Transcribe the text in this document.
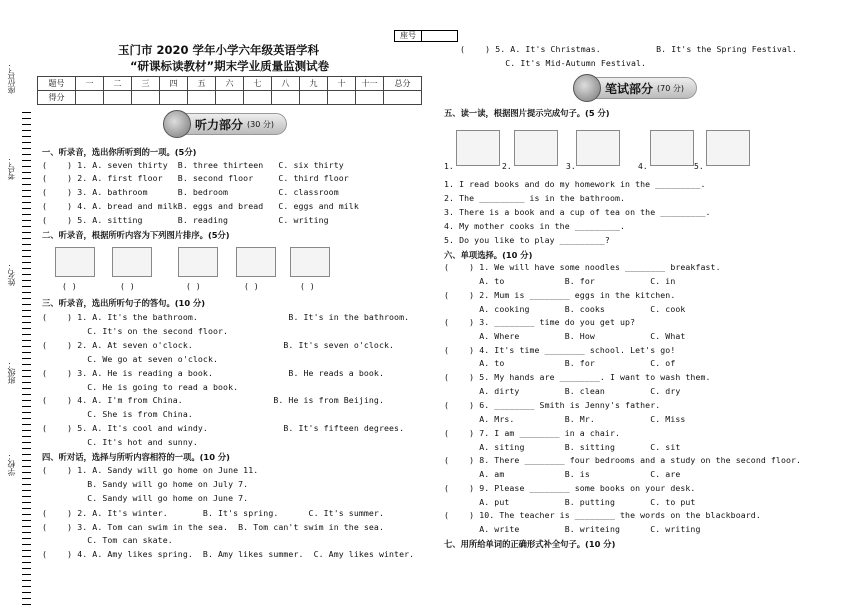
座位号：
考号：
姓名：
班级：
学校：
座号
玉门市 2020 学年小学六年级英语学科
“研课标读教材”期末学业质量监测试卷
题号	一	二	三	四	五	六	七	八	九	十	十一	总分
得分												
听力部分 (30 分)
笔试部分 (70 分)
一、听录音，选出你所听到的一项。(5分)
(    ) 1. A. seven thirty  B. three thirteen   C. six thirty
(    ) 2. A. first floor   B. second floor     C. third floor
(    ) 3. A. bathroom      B. bedroom          C. classroom
(    ) 4. A. bread and milkB. eggs and bread   C. eggs and milk
(    ) 5. A. sitting       B. reading          C. writing
二、听录音，根据所听内容为下列图片排序。(5分)
三、听录音，选出所听句子的答句。(10 分)
(    ) 1. A. It's the bathroom.                  B. It's in the bathroom.
C. It's on the second floor.
(    ) 2. A. At seven o'clock.                  B. It's seven o'clock.
C. We go at seven o'clock.
(    ) 3. A. He is reading a book.               B. He reads a book.
C. He is going to read a book.
(    ) 4. A. I'm from China.                  B. He is from Beijing.
C. She is from China.
(    ) 5. A. It's cool and windy.               B. It's fifteen degrees.
C. It's hot and sunny.
四、听对话，选择与所听内容相符的一项。(10 分)
(    ) 1. A. Sandy will go home on June 11.
B. Sandy will go home on July 7.
C. Sandy will go home on June 7.
(    ) 2. A. It's winter.       B. It's spring.      C. It's summer.
(    ) 3. A. Tom can swim in the sea.  B. Tom can't swim in the sea.
C. Tom can skate.
(    ) 4. A. Amy likes spring.  B. Amy likes summer.  C. Amy likes winter.
( )	( )	( )	( )	( )
(    ) 5. A. It's Christmas.           B. It's the Spring Festival.
C. It's Mid-Autumn Festival.
1.	2.	3.	4.	5.
五、读一读，根据图片提示完成句子。(5 分)
1. I read books and do my homework in the _________.
2. The _________ is in the bathroom.
3. There is a book and a cup of tea on the _________.
4. My mother cooks in the _________.
5. Do you like to play _________?
六、单项选择。(10 分)
(    ) 1. We will have some noodles ________ breakfast.
A. to            B. for           C. in
(    ) 2. Mum is ________ eggs in the kitchen.
A. cooking       B. cooks         C. cook
(    ) 3. ________ time do you get up?
A. Where         B. How           C. What
(    ) 4. It's time ________ school. Let's go!
A. to            B. for           C. of
(    ) 5. My hands are ________. I want to wash them.
A. dirty         B. clean         C. dry
(    ) 6. ________ Smith is Jenny's father.
A. Mrs.          B. Mr.           C. Miss
(    ) 7. I am ________ in a chair.
A. siting        B. sitting       C. sit
(    ) 8. There ________ four bedrooms and a study on the second floor.
A. am            B. is            C. are
(    ) 9. Please ________ some books on your desk.
A. put           B. putting       C. to put
(    ) 10. The teacher is ________ the words on the blackboard.
A. write         B. writeing      C. writing
七、用所给单词的正确形式补全句子。(10 分)
